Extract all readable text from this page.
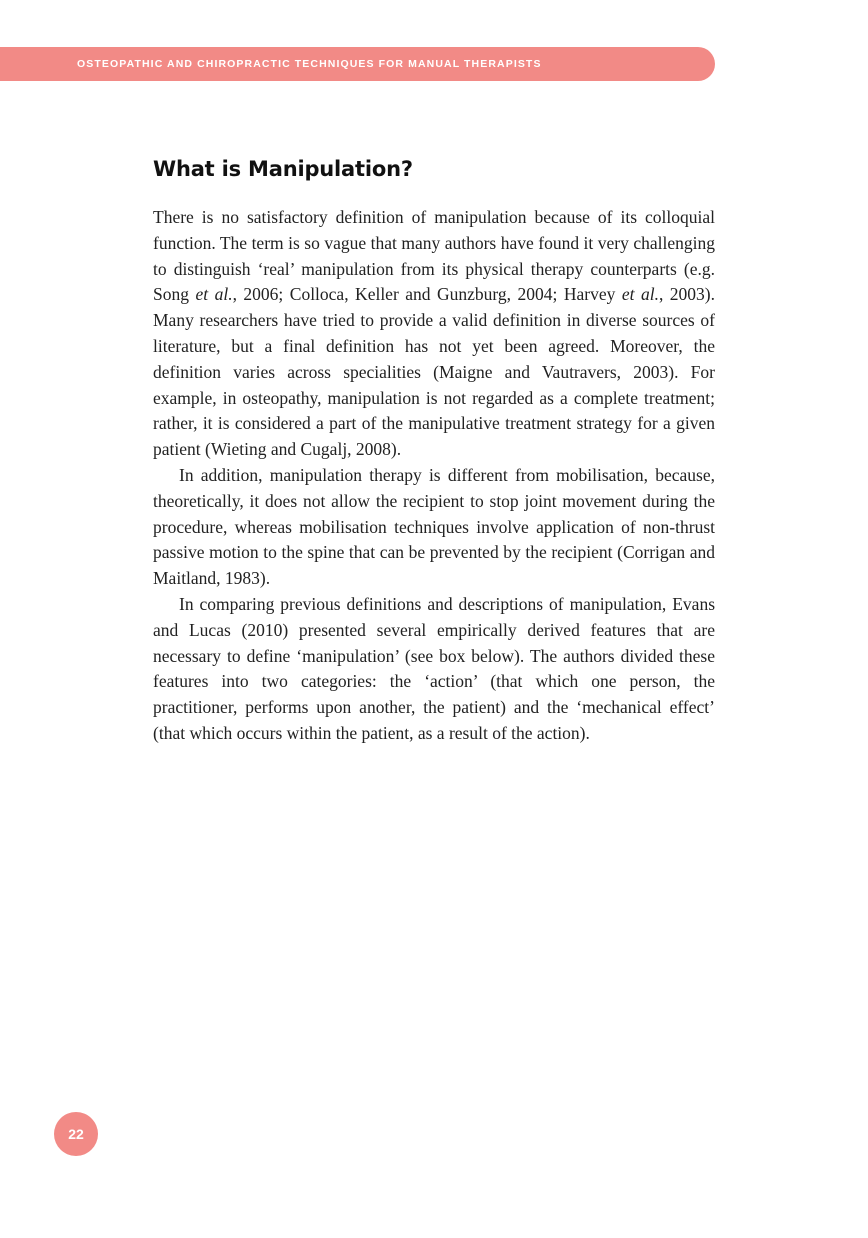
OSTEOPATHIC AND CHIROPRACTIC TECHNIQUES FOR MANUAL THERAPISTS
What is Manipulation?

There is no satisfactory definition of manipulation because of its colloquial function. The term is so vague that many authors have found it very challenging to distinguish ‘real’ manipulation from its physical therapy counterparts (e.g. Song et al., 2006; Colloca, Keller and Gunzburg, 2004; Harvey et al., 2003). Many researchers have tried to provide a valid definition in diverse sources of literature, but a final definition has not yet been agreed. Moreover, the definition varies across specialities (Maigne and Vautravers, 2003). For example, in osteopathy, manipulation is not regarded as a complete treatment; rather, it is considered a part of the manipulative treatment strategy for a given patient (Wieting and Cugalj, 2008).

In addition, manipulation therapy is different from mobilisation, because, theoretically, it does not allow the recipient to stop joint movement during the procedure, whereas mobilisation techniques involve application of non-thrust passive motion to the spine that can be prevented by the recipient (Corrigan and Maitland, 1983).

In comparing previous definitions and descriptions of manipulation, Evans and Lucas (2010) presented several empirically derived features that are necessary to define ‘manipulation’ (see box below). The authors divided these features into two categories: the ‘action’ (that which one person, the practitioner, performs upon another, the patient) and the ‘mechanical effect’ (that which occurs within the patient, as a result of the action).

22
